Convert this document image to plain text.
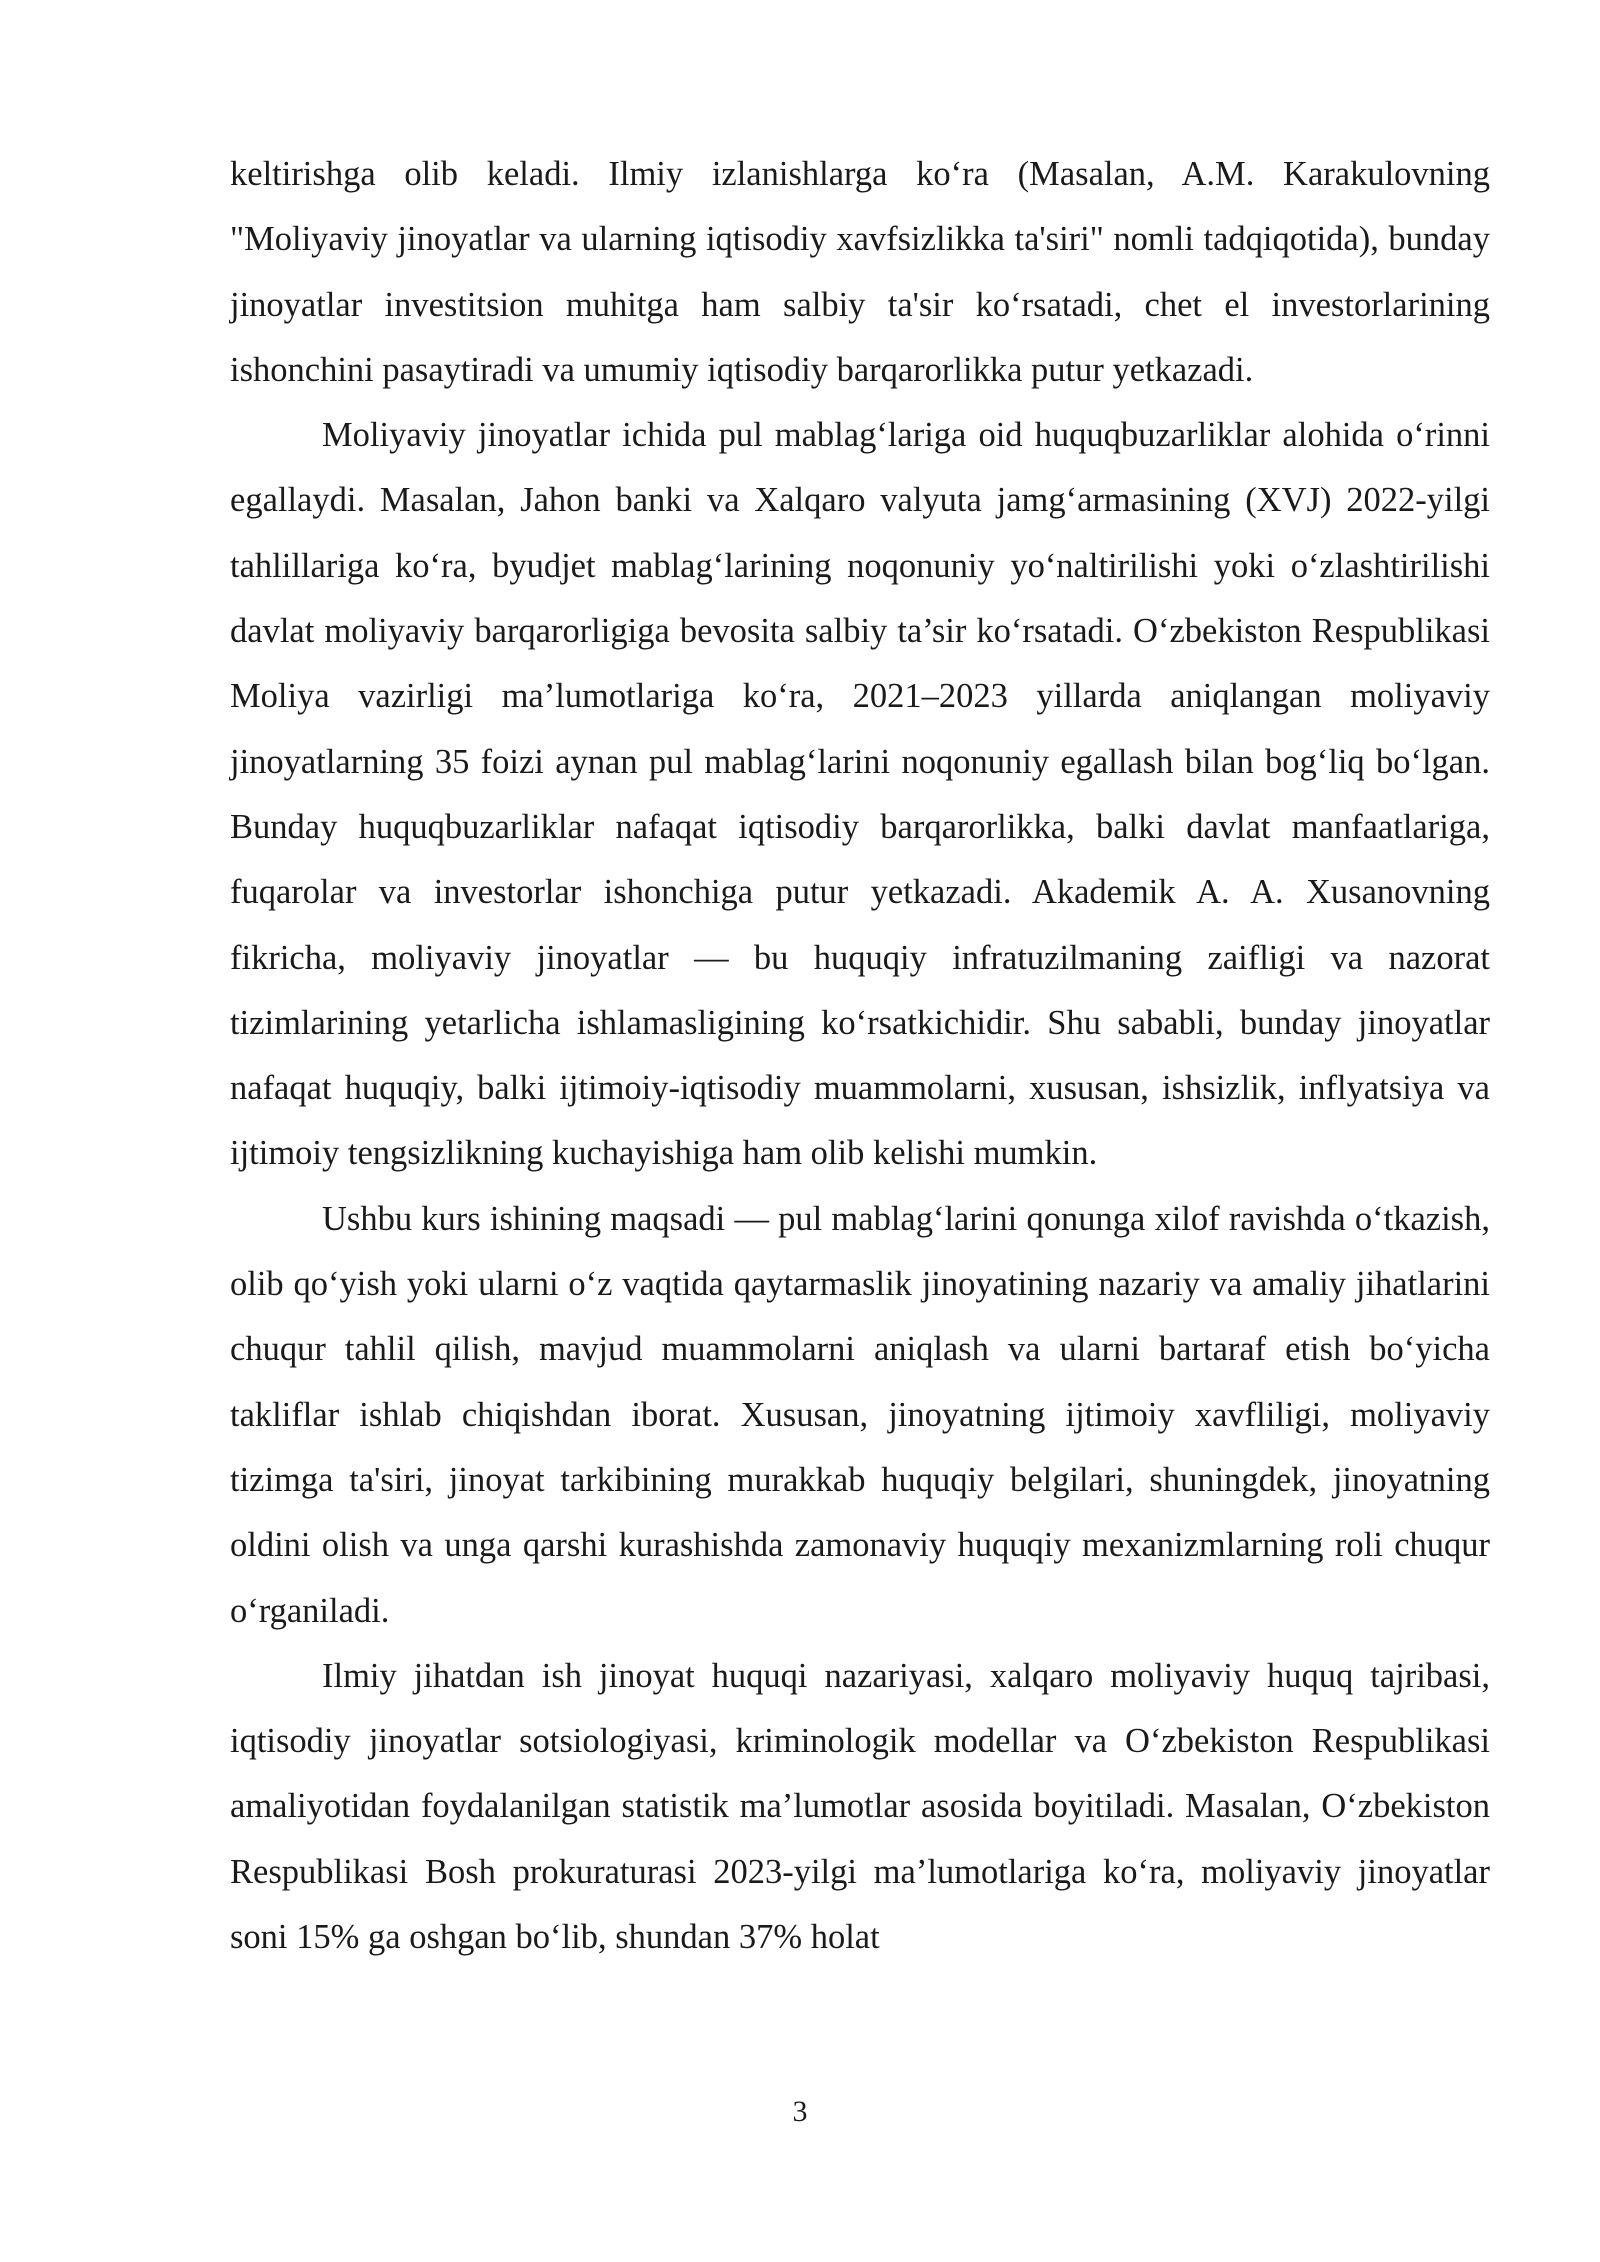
keltirishga olib keladi. Ilmiy izlanishlarga ko‘ra (Masalan, A.M. Karakulovning "Moliyaviy jinoyatlar va ularning iqtisodiy xavfsizlikka ta'siri" nomli tadqiqotida), bunday jinoyatlar investitsion muhitga ham salbiy ta'sir ko‘rsatadi, chet el investorlarining ishonchini pasaytiradi va umumiy iqtisodiy barqarorlikka putur yetkazadi.

Moliyaviy jinoyatlar ichida pul mablag‘lariga oid huquqbuzarliklar alohida o‘rinni egallaydi. Masalan, Jahon banki va Xalqaro valyuta jamg‘armasining (XVJ) 2022-yilgi tahlillariga ko‘ra, byudjet mablag‘larining noqonuniy yo‘naltirilishi yoki o‘zlashtirilishi davlat moliyaviy barqarorligiga bevosita salbiy ta’sir ko‘rsatadi. O‘zbekiston Respublikasi Moliya vazirligi ma’lumotlariga ko‘ra, 2021–2023 yillarda aniqlangan moliyaviy jinoyatlarning 35 foizi aynan pul mablag‘larini noqonuniy egallash bilan bog‘liq bo‘lgan. Bunday huquqbuzarliklar nafaqat iqtisodiy barqarorlikka, balki davlat manfaatlariga, fuqarolar va investorlar ishonchiga putur yetkazadi. Akademik A. A. Xusanovning fikricha, moliyaviy jinoyatlar — bu huquqiy infratuzilmaning zaifligi va nazorat tizimlarining yetarlicha ishlamasligining ko‘rsatkichidir. Shu sababli, bunday jinoyatlar nafaqat huquqiy, balki ijtimoiy-iqtisodiy muammolarni, xususan, ishsizlik, inflyatsiya va ijtimoiy tengsizlikning kuchayishiga ham olib kelishi mumkin.

Ushbu kurs ishining maqsadi — pul mablag‘larini qonunga xilof ravishda o‘tkazish, olib qo‘yish yoki ularni o‘z vaqtida qaytarmaslik jinoyatining nazariy va amaliy jihatlarini chuqur tahlil qilish, mavjud muammolarni aniqlash va ularni bartaraf etish bo‘yicha takliflar ishlab chiqishdan iborat. Xususan, jinoyatning ijtimoiy xavfliligi, moliyaviy tizimga ta'siri, jinoyat tarkibining murakkab huquqiy belgilari, shuningdek, jinoyatning oldini olish va unga qarshi kurashishda zamonaviy huquqiy mexanizmlarning roli chuqur o‘rganiladi.

Ilmiy jihatdan ish jinoyat huquqi nazariyasi, xalqaro moliyaviy huquq tajribasi, iqtisodiy jinoyatlar sotsiologiyasi, kriminologik modellar va O‘zbekiston Respublikasi amaliyotidan foydalanilgan statistik ma’lumotlar asosida boyitiladi. Masalan, O‘zbekiston Respublikasi Bosh prokuraturasi 2023-yilgi ma’lumotlariga ko‘ra, moliyaviy jinoyatlar soni 15% ga oshgan bo‘lib, shundan 37% holat

3
